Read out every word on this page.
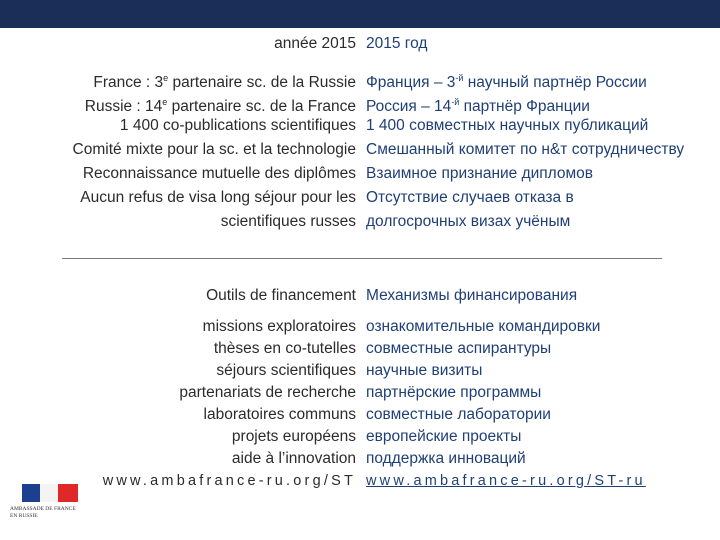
année 2015 2015 год
France : 3e partenaire sc. de la Russie
Russie : 14e partenaire sc. de la France
1 400 co-publications scientifiques
Comité mixte pour la sc. et la technologie
Reconnaissance mutuelle des diplômes
Aucun refus de visa long séjour pour les
scientifiques russes
Франция – $3^{-й}$ научный партнёр России
Россия – $14^{-й}$ партнёр Франции
1 400 совместных научных публикаций
Смешанный комитет по н&т сотрудничеству
Взаимное признание дипломов
Отсутствие случаев отказа в
долгосрочных визах учёным
Outils de financement Механизмы финансирования
missions exploratoires
thèses en co-tutelles
séjours scientifiques
partenariats de recherche
laboratoires communs
projets européens
aide à l’innovation
www.ambafrance-ru.org/ST
ознакомительные командировки
совместные аспирантуры
научные визиты
партнёрские программы
совместные лаборатории
европейские проекты
поддержка инноваций
www.ambafrance-ru.org/ST-ru
AMBASSADE DE FRANCE
EN RUSSIE
